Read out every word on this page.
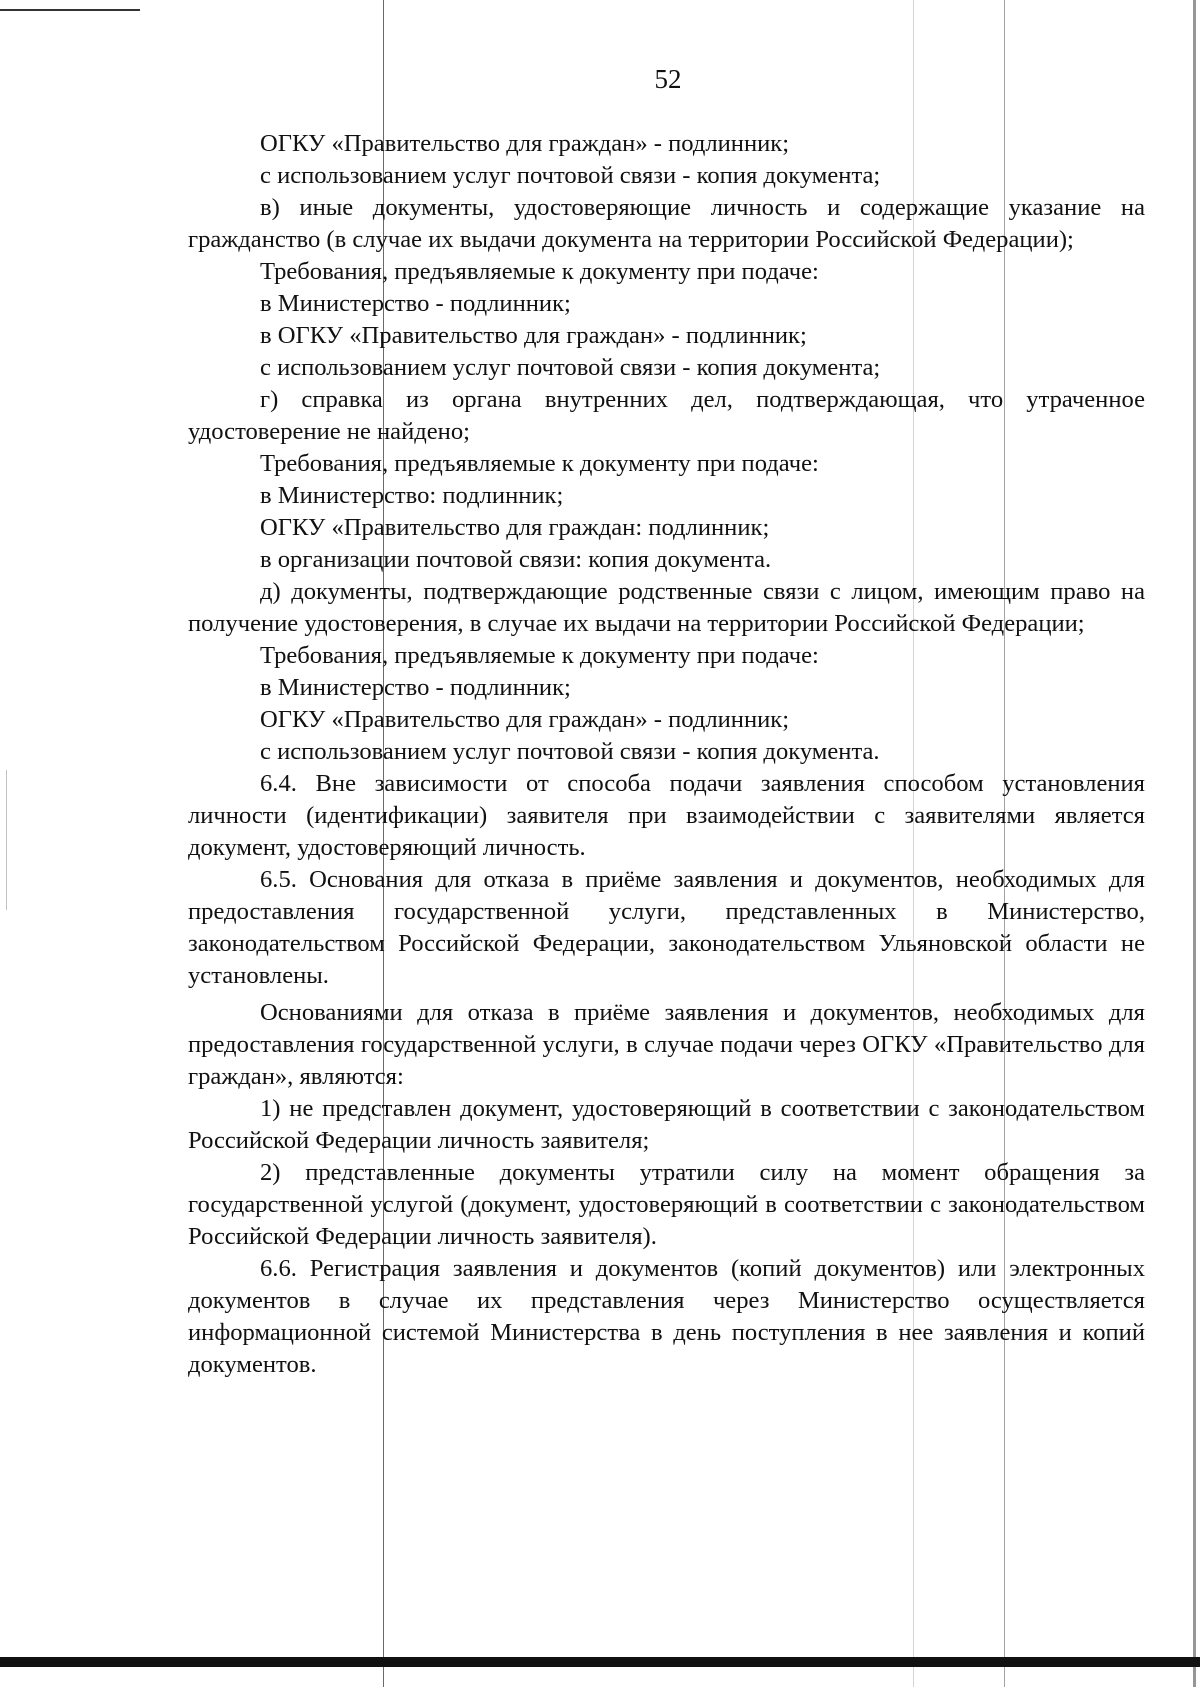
52

ОГКУ «Правительство для граждан» - подлинник;

с использованием услуг почтовой связи - копия документа;

в) иные документы, удостоверяющие личность и содержащие указание на гражданство (в случае их выдачи документа на территории Российской Федерации);

Требования, предъявляемые к документу при подаче:

в Министерство - подлинник;

в ОГКУ «Правительство для граждан» - подлинник;

с использованием услуг почтовой связи - копия документа;

г) справка из органа внутренних дел, подтверждающая, что утраченное удостоверение не найдено;

Требования, предъявляемые к документу при подаче:

в Министерство: подлинник;

ОГКУ «Правительство для граждан: подлинник;

в организации почтовой связи: копия документа.

д) документы, подтверждающие родственные связи с лицом, имеющим право на получение удостоверения, в случае их выдачи на территории Российской Федерации;

Требования, предъявляемые к документу при подаче:

в Министерство - подлинник;

ОГКУ «Правительство для граждан» - подлинник;

с использованием услуг почтовой связи - копия документа.

6.4. Вне зависимости от способа подачи заявления способом установления личности (идентификации) заявителя при взаимодействии с заявителями является документ, удостоверяющий личность.

6.5. Основания для отказа в приёме заявления и документов, необходимых для предоставления государственной услуги, представленных в Министерство, законодательством Российской Федерации, законодательством Ульяновской области не установлены.

Основаниями для отказа в приёме заявления и документов, необходимых для предоставления государственной услуги, в случае подачи через ОГКУ «Правительство для граждан», являются:

1) не представлен документ, удостоверяющий в соответствии с законодательством Российской Федерации личность заявителя;

2) представленные документы утратили силу на момент обращения за государственной услугой (документ, удостоверяющий в соответствии с законодательством Российской Федерации личность заявителя).

6.6. Регистрация заявления и документов (копий документов) или электронных документов в случае их представления через Министерство осуществляется информационной системой Министерства в день поступления в нее заявления и копий документов.
